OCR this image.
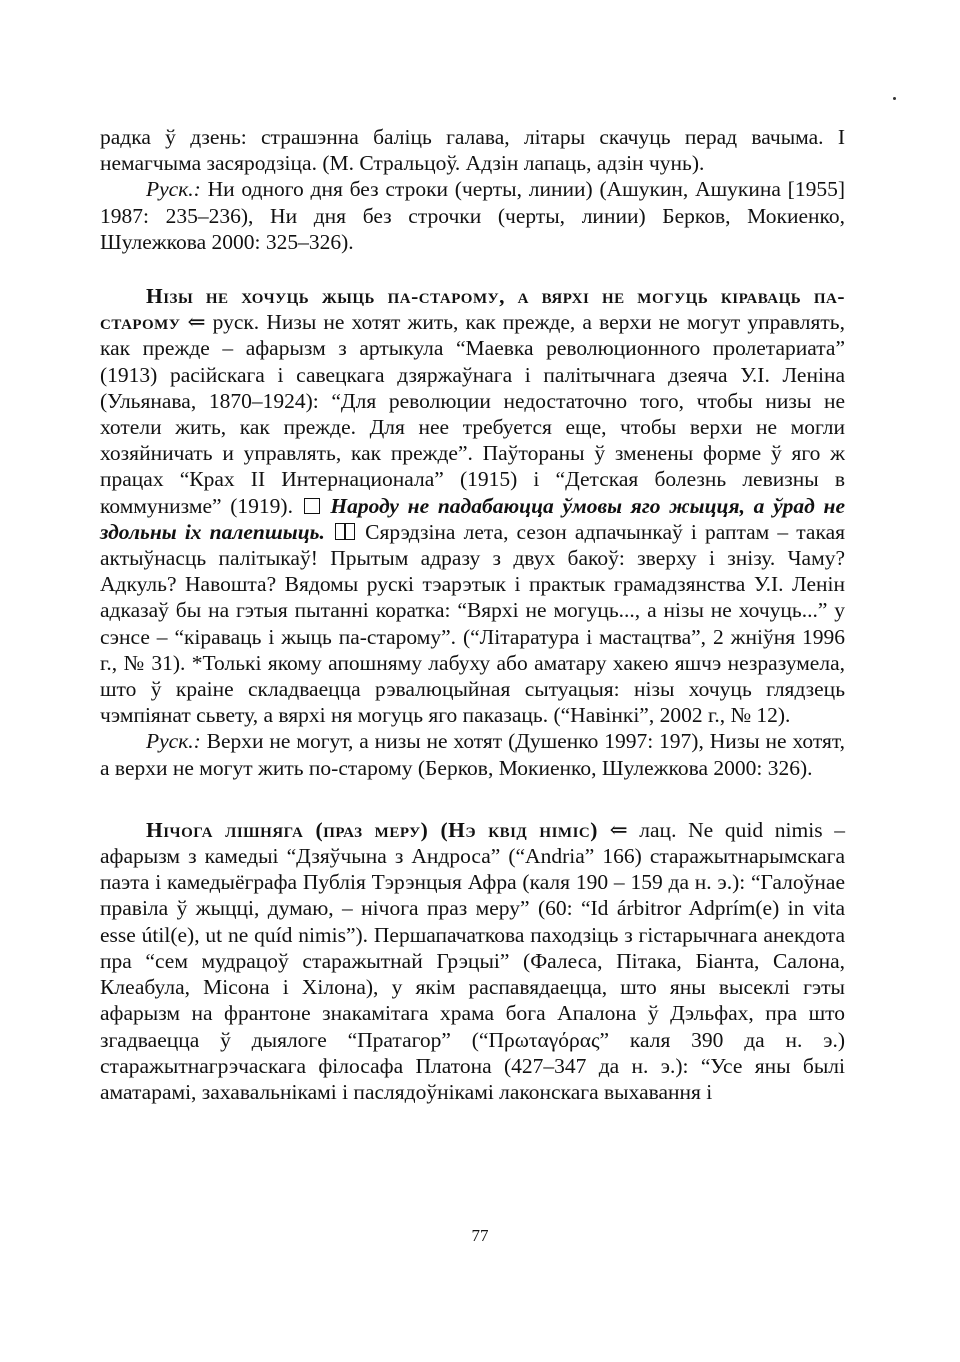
радка ў дзень: страшэнна баліць галава, літары скачуць перад вачыма. І немагчыма засяродзіца. (М. Стральцоў. Адзін лапаць, адзін чунь).

Руск.: Ни одного дня без строки (черты, линии) (Ашукин, Ашукина [1955] 1987: 235–236), Ни дня без строчки (черты, линии) Берков, Мокиенко, Шулежкова 2000: 325–326).

Нізы не хочуць жыць па-старому, а вярхі не могуць кіраваць па-старому ⇐ руск. Низы не хотят жить, как прежде, а верхи не могут управлять, как прежде – афарызм з артыкула “Маевка революционного пролетариата” (1913) расійскага і савецкага дзяржаўнага і палітычнага дзеяча У.І. Леніна (Ульянава, 1870–1924): “Для революции недостаточно того, чтобы низы не хотели жить, как прежде. Для нее требуется еще, чтобы верхи не могли хозяйничать и управлять, как прежде”. Паўтораны ў зменены форме ў яго ж працах “Крах II Интернационала” (1915) і “Детская болезнь левизны в коммунизме” (1919).  Народу не падабаюцца ўмовы яго жыцця, а ўрад не здольны іх палепшыць.  Сярэдзіна лета, сезон адпачынкаў і раптам – такая актыўнасць палітыкаў! Прытым адразу з двух бакоў: зверху і знізу. Чаму? Адкуль? Навошта? Вядомы рускі тэарэтык і практык грамадзянства У.І. Ленін адказаў бы на гэтыя пытанні коратка: “Вярхі не могуць..., а нізы не хочуць...” у сэнсе – “кіраваць і жыць па-старому”. (“Літаратура і мастацтва”, 2 жніўня 1996 г., № 31). *Толькі якому апошняму лабуху або аматару хакею яшчэ незразумела, што ў краіне складваецца рэвалюцыйная сытуацыя: нізы хочуць глядзець чэмпіянат сьвету, а вярхі ня могуць яго паказаць. (“Навінкі”, 2002 г., № 12).

Руск.: Верхи не могут, а низы не хотят (Душенко 1997: 197), Низы не хотят, а верхи не могут жить по-старому (Берков, Мокиенко, Шулежкова 2000: 326).

Нічога лішняга (праз меру) (Нэ квід німіс) ⇐ лац. Ne quid nimis – афарызм з камедыі “Дзяўчына з Андроса” (“Andria” 166) старажытнарымскага паэта і камедыёграфа Публія Тэрэнцыя Афра (каля 190 – 159 да н. э.): “Галоўнае правіла ў жыцці, думаю, – нічога праз меру” (60: “Id árbitror Adprím(e) in vita esse útil(e), ut ne quíd nimis”). Першапачаткова паходзіць з гістарычнага анекдота пра “сем мудрацоў старажытнай Грэцыі” (Фалеса, Пітака, Біанта, Салона, Клеабула, Місона і Хілона), у якім распавядаецца, што яны высеклі гэты афарызм на франтоне знакамітага храма бога Апалона ў Дэльфах, пра што згадваецца ў дыялогe “Пратагор” (“Πρωταγόρας” каля 390 да н. э.) старажытнагрэчаскага філосафа Платона (427–347 да н. э.): “Усе яны былі аматарамі, захавальнікамі і паслядоўнікамі лаконскага выхавання і

77
